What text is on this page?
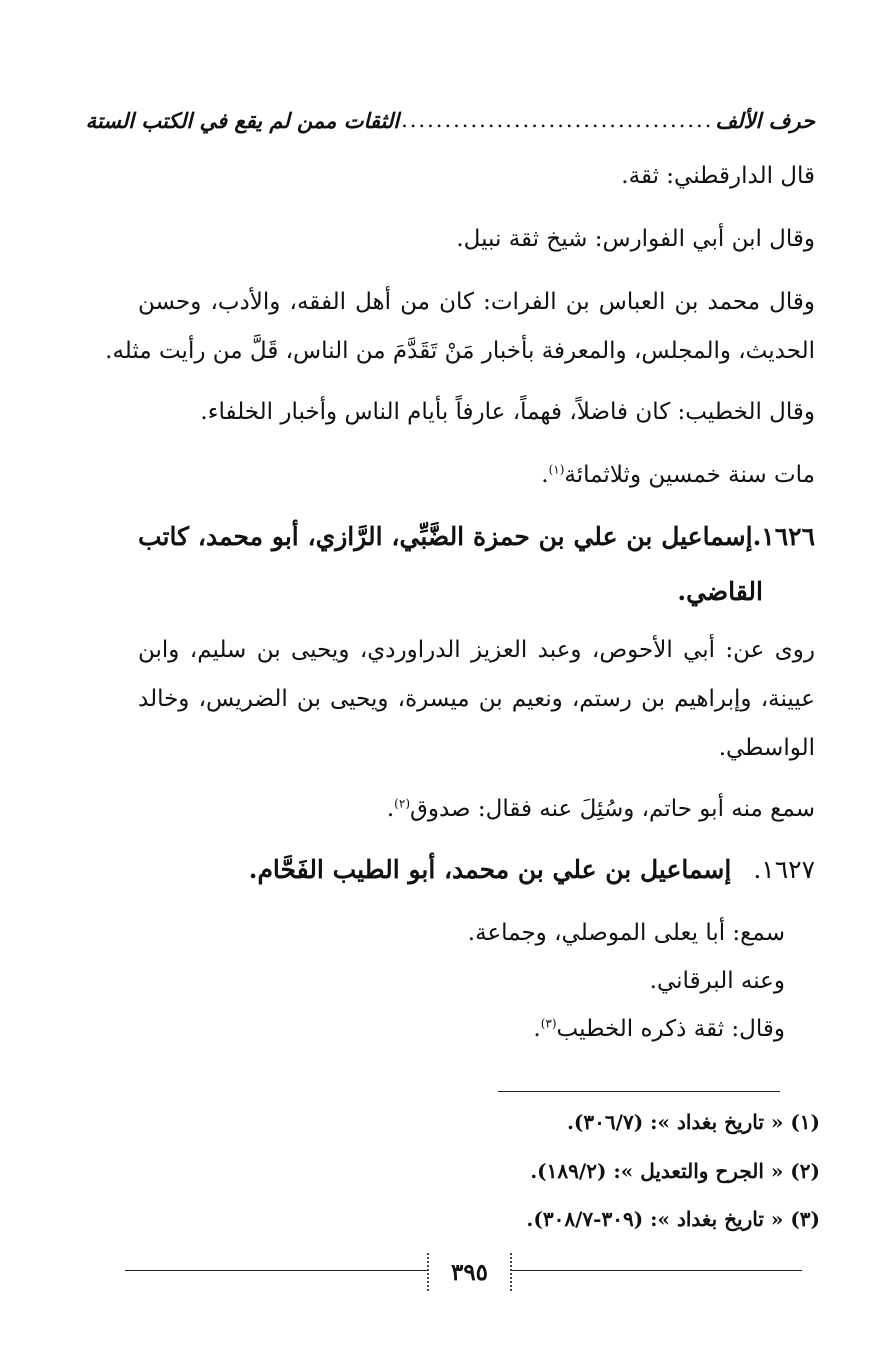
حرف الألف
....................................
الثقات ممن لم يقع في الكتب الستة
قال الدارقطني: ثقة.
وقال ابن أبي الفوارس: شيخ ثقة نبيل.
وقال محمد بن العباس بن الفرات: كان من أهل الفقه، والأدب، وحسن
الحديث، والمجلس، والمعرفة بأخبار مَنْ تَقَدَّمَ من الناس، قَلَّ من رأيت مثله.
وقال الخطيب: كان فاضلاً، فهماً، عارفاً بأيام الناس وأخبار الخلفاء.
مات سنة خمسين وثلاثمائة$^{(١)}$.
١٦٢٦.إسماعيل بن علي بن حمزة الضَّبِّي، الرَّازي، أبو محمد، كاتب
القاضي.
روى عن: أبي الأحوص، وعبد العزيز الدراوردي، ويحيى بن سليم، وابن
عيينة، وإبراهيم بن رستم، ونعيم بن ميسرة، ويحيى بن الضريس، وخالد
الواسطي.
سمع منه أبو حاتم، وسُئِلَ عنه فقال: صدوق$^{(٢)}$.
١٦٢٧.إسماعيل بن علي بن محمد، أبو الطيب الفَحَّام.
سمع: أبا يعلى الموصلي، وجماعة.
وعنه البرقاني.
وقال: ثقة ذكره الخطيب$^{(٣)}$.
(١) « تاريخ بغداد »: (٣٠٦/٧).
(٢) « الجرح والتعديل »: (١٨٩/٢).
(٣) « تاريخ بغداد »: (٣٠٩-٣٠٨/٧).
٣٩٥
